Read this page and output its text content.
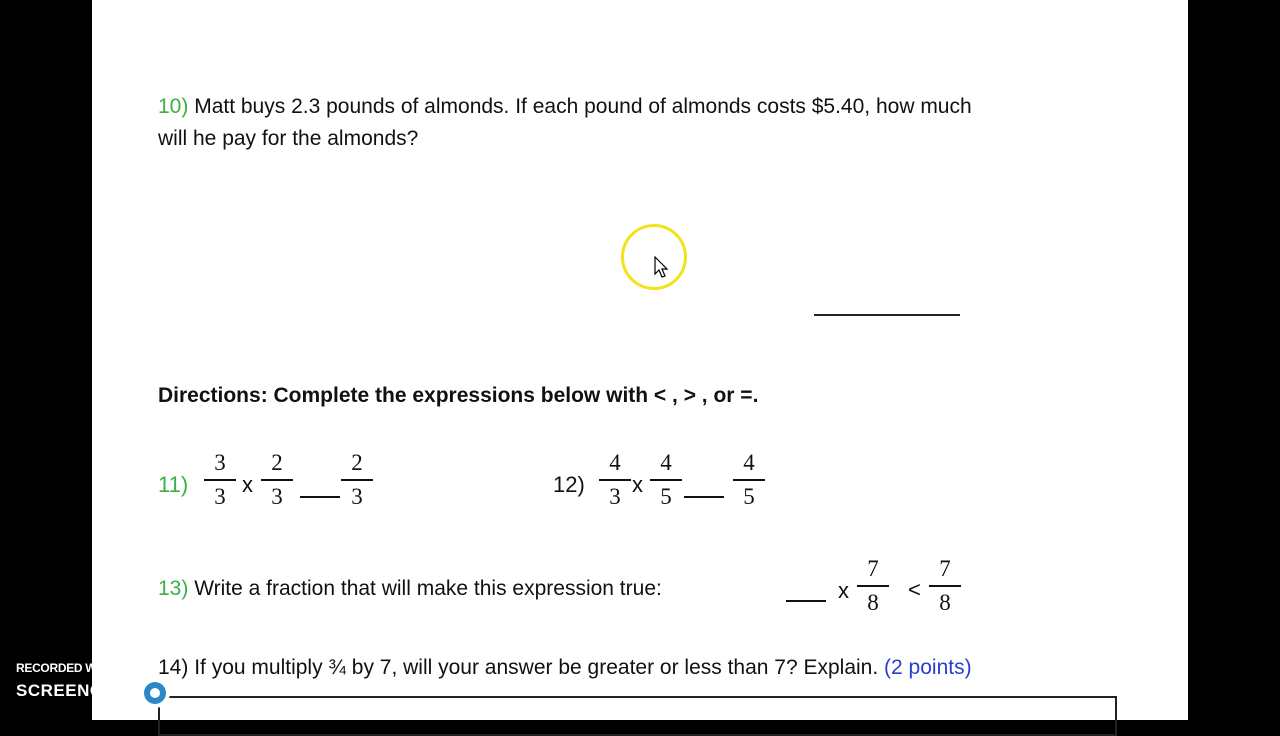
10) Matt buys 2.3 pounds of almonds. If each pound of almonds costs $5.40, how much
will he pay for the almonds?
Directions: Complete the expressions below with < , > , or =.
11)
3
3 x
2
3
2
3	12)
4
3 x
4
5
4
5
13) Write a fraction that will make this expression true:	x
7
8	<
7
8
14) If you multiply ¾ by 7, will your answer be greater or less than 7? Explain. (2 points)
RECORDED WITH
SCREENCAST MATIC
